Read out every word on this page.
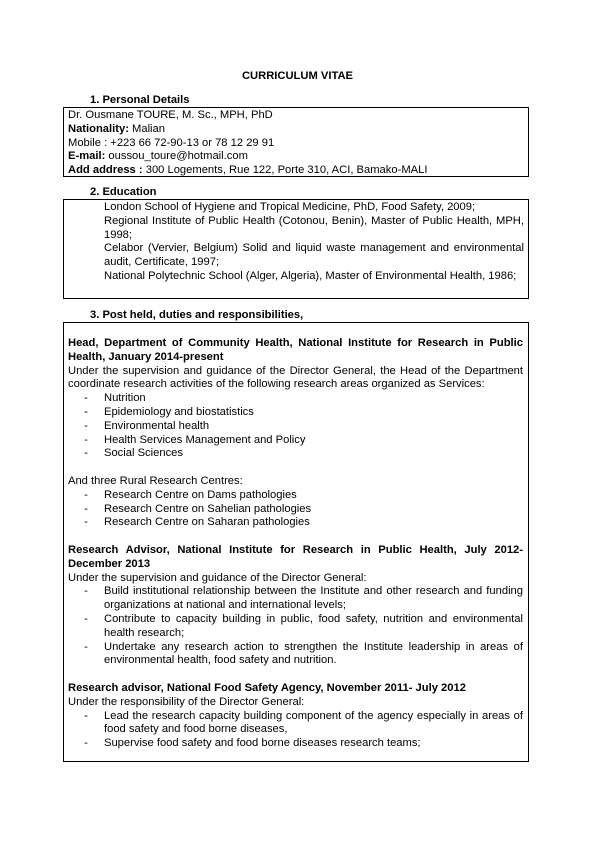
CURRICULUM VITAE
1. Personal Details
Dr. Ousmane TOURE, M. Sc., MPH, PhD
Nationality: Malian
Mobile : +223 66 72-90-13 or 78 12 29 91
E-mail: oussou_toure@hotmail.com
Add address : 300 Logements, Rue 122, Porte 310, ACI, Bamako-MALI
2. Education
London School of Hygiene and Tropical Medicine, PhD, Food Safety, 2009;
Regional Institute of Public Health (Cotonou, Benin), Master of Public Health, MPH, 1998;
Celabor (Vervier, Belgium) Solid and liquid waste management and environmental audit, Certificate, 1997;
National Polytechnic School (Alger, Algeria), Master of Environmental Health, 1986;
3. Post held, duties and responsibilities,
Head, Department of Community Health, National Institute for Research in Public Health, January 2014-present
Under the supervision and guidance of the Director General, the Head of the Department coordinate research activities of the following research areas organized as Services:
-	Nutrition
-	Epidemiology and biostatistics
-	Environmental health
-	Health Services Management and Policy
-	Social Sciences
And three Rural Research Centres:
-	Research Centre on Dams pathologies
-	Research Centre on Sahelian pathologies
-	Research Centre on Saharan pathologies
Research Advisor, National Institute for Research in Public Health, July 2012- December 2013
Under the supervision and guidance of the Director General:
-	Build institutional relationship between the Institute and other research and funding organizations at national and international levels;
-	Contribute to capacity building in public, food safety, nutrition and environmental health research;
-	Undertake any research action to strengthen the Institute leadership in areas of environmental health, food safety and nutrition.
Research advisor, National Food Safety Agency, November 2011- July 2012
Under the responsibility of the Director General:
-	Lead the research capacity building component of the agency especially in areas of food safety and food borne diseases,
-	Supervise food safety and food borne diseases research teams;
